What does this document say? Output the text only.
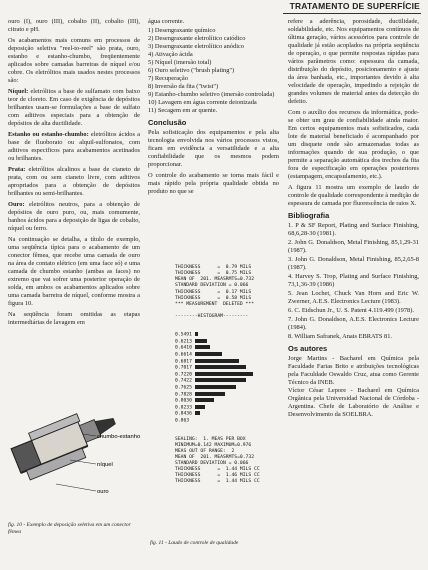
TRATAMENTO DE SUPERFÍCIE

ouro (I), ouro (III), cobalto (II), cobalto (III), citrato e pH.

Os acabamentos mais comuns em processos de deposição seletiva "reel-to-reel" são prata, ouro, estanho e estanho-chumbo, freqüentemente aplicados sobre camadas barreiras de níquel e/ou cobre. Os eletrólitos mais usados nestes processos são:

Níquel: eletrólitos a base de sulfamato com baixo teor de cloreto. Em caso de exigência de depósitos brilhantes usam-se formulações a base de sulfato com aditivos especiais para a obtenção de depósitos de alta ductilidade.

Estanho ou estanho-chumbo: eletrólitos ácidos a base de fluoborato ou alquil-sulfonatos, com aditivos especificos para acabamentos acetinados ou brilhantes.

Prata: eletrólitos alcalinos a base de cianeto de prata, com ou sem cianeto livre, com aditivos apropriados para a obtenção de depósitos brilhantes ou semi-brilhantes.

Ouro: eletrólitos neutros, para a obtenção de depósitos de ouro puro, ou, mais comumente, banhos ácidos para a deposição de ligas de cobalto, níquel ou ferro.

Na continuação se detalha, a título de exemplo, uma seqüência típica para o acabamento de um conector fêmea, que recebe uma camada de ouro na área de contato elétrico (em uma face só) e uma camada de chumbo estanho (ambas as faces) no extremo que vai sofrer uma posterior operação de solda, em ambos os acabamentos aplicados sobre uma camada barreira de níquel, conforme mostra a figura 10.

Na seqüência foram omitidas as etapas intermediárias de lavagem em

chumbo-estanho
níquel
ouro
fig. 10 - Exemplo de deposição seletiva em um conector fêmea

água corrente.

1) Desengraxante químico
2) Desengraxante eletrolítico catódico
3) Desengraxante eletrolítico anódico
4) Ativação ácida
5) Níquel (imersão total)
6) Ouro seletivo ("brush plating")
7) Recuperação
8) Inversão da fita ("twist")
9) Estanho-chumbo seletivo (imersão controlada)
10) Lavagem em água corrente deionizada
11) Secagem em ar quente.
Conclusão

Pela sofisticação dos equipamentos e pela alta tecnologia envolvida nos vários processos vistos, ficam em evidência a versatilidade e a alta confiabilidade que os mesmos podem proporcionar.

O controle do acabamento se torna mais fácil e mais rápido pela própria qualidade obtida no produto no que se

THICKNESS      =  0.79 MILS
THICKNESS      =  0.75 MILS
MEAN OF  201. MEASRMTS=0.732
STANDARD DEVIATION = 0.066
THICKNESS      =  0.17 MILS
THICKNESS      =  0.58 MILS
*** MEASUREMENT  DELETED ***

--------HISTOGRAM---------

0.5491
0.6213
0.6410
0.6614
0.6817
0.7017
0.7220
0.7422
0.7625
0.7828
0.8030
0.8233
0.8436
0.863

SEALING:  1. MEAS PER BOX
MINIMUM=0.142 MAXIMUM=0.976
MEAS OUT OF RANGE:  2
MEAN OF  201. MEASRMTS=0.732
STANDARD DEVIATION = 0.066
THICKNESS      =  1.44 MILS CC
THICKNESS      =  1.46 MILS CC
THICKNESS      =  1.44 MILS CC

fig. 11 - Laudo de controle de qualidade

refere a aderência, porosidade, ductilidade, soldabilidade, etc. Nos equipamentos contínuos de última geração, vários acessórios para controle de qualidade já estão acoplados na própria seqüência de operação, o que permite respostas rápidas para vários parâmetros como: espessura da camada, distribuição do depósito, posicionamento e ajuste da área banhada, etc., importantes devido à alta velocidade de operação, impedindo a rejeição de grandes volumes de material antes da detecção do defeito.

Com o auxílio dos recursos da informática, pode-se obter um grau de confiabilidade ainda maior. Em certos equipamentos mais sofisticados, cada lote de material beneficiado é acompanhado por um disquete onde são armazenadas todas as informações quando de sua produção, o que permite a separação automática dos trechos da fita fora de especificação em operações posteriores (estampagem, encapsulamento, etc.).

A figura 11 mostra um exemplo de laudo de controle de qualidade correspondente à medição de espessura de camada por fluorescência de raios X.

Bibliografia
1. P & SF Report, Plating and Surface Finishing, 68,6,28-30 (1981).
2. John G. Donaldson, Metal Finishing, 85,1,29-31 (1987).
3. John G. Donaldson, Metal Finishing, 85,2,65-8 (1987).
4. Harvey S. Trop, Plating and Surface Finishing, 73,1,36-39 (1986)
5. Jean Lochet, Chuck Van Horn and Eric W. Zwerner, A.E.S. Electronics Lecture (1983).
6. C. Eidschun Jr., U. S. Patent 4.119.499 (1978).
7. John G. Donaldson, A.E.S. Electronics Lecture (1984).
8. William Safranek, Anais EBRATS 81.
Os autores

Jorge Martins - Bacharel em Química pela Faculdade Farias Brito e atribuições tecnológicas pela Faculdade Oswaldo Cruz, atua como Gerente Técnico da INEB.

Víctor César Lepore - Bacharel em Química Orgânica pela Universidad Nacional de Córdoba - Argentina. Chefe de Laboratório de Análise e Desenvolvimento da SOELBRA.
